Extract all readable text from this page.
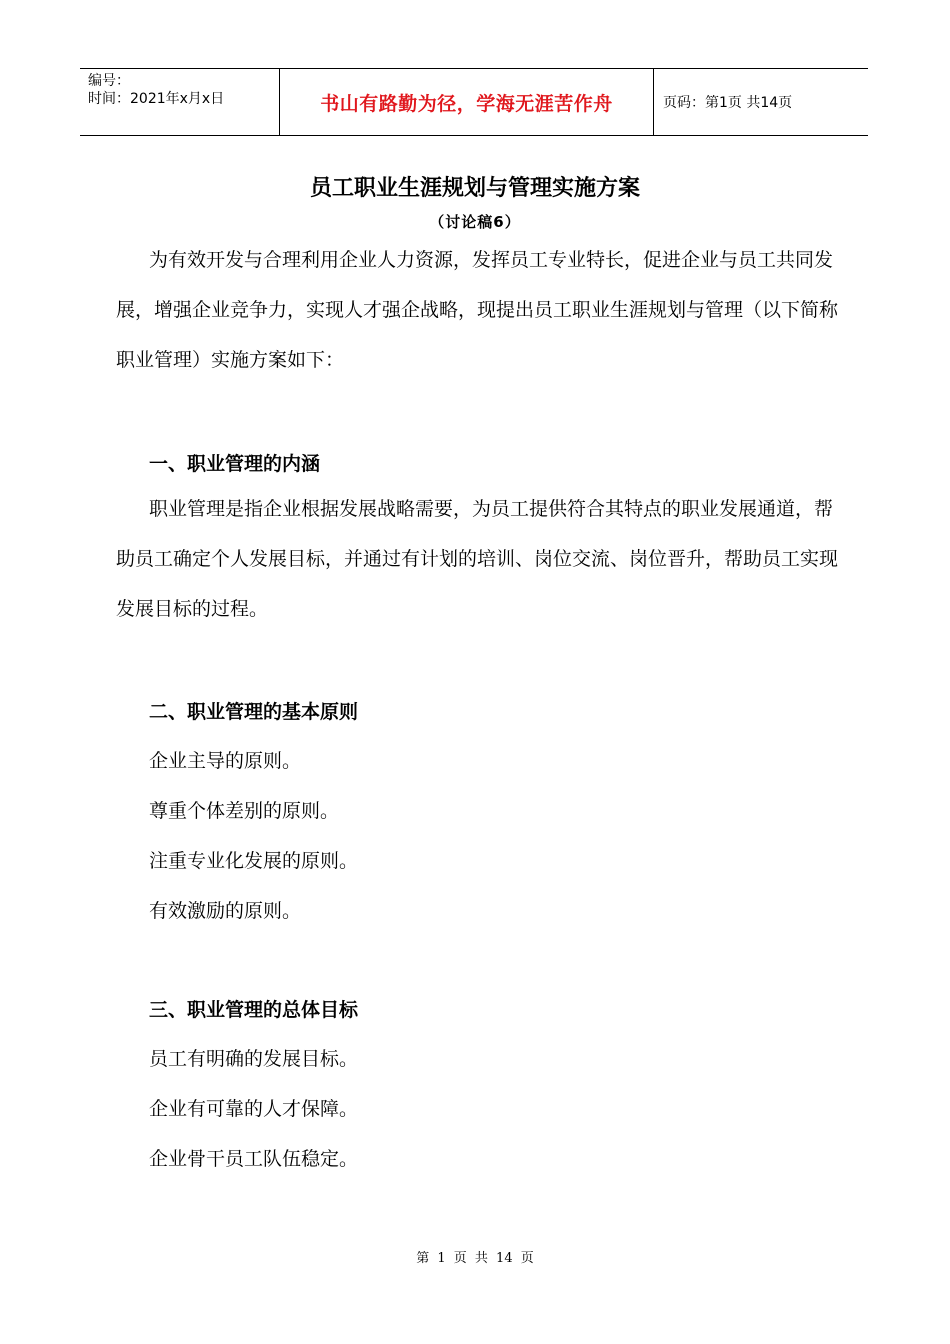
编号：
时间：2021年x月x日	书山有路勤为径，学海无涯苦作舟	页码：第1页 共14页
员工职业生涯规划与管理实施方案
（讨论稿6）

为有效开发与合理利用企业人力资源，发挥员工专业特长，促进企业与员工共同发展，增强企业竞争力，实现人才强企战略，现提出员工职业生涯规划与管理（以下简称职业管理）实施方案如下：

一、职业管理的内涵

职业管理是指企业根据发展战略需要，为员工提供符合其特点的职业发展通道，帮助员工确定个人发展目标，并通过有计划的培训、岗位交流、岗位晋升，帮助员工实现发展目标的过程。

二、职业管理的基本原则

企业主导的原则。

尊重个体差别的原则。

注重专业化发展的原则。

有效激励的原则。

三、职业管理的总体目标

员工有明确的发展目标。

企业有可靠的人才保障。

企业骨干员工队伍稳定。

第 1 页 共 14 页
